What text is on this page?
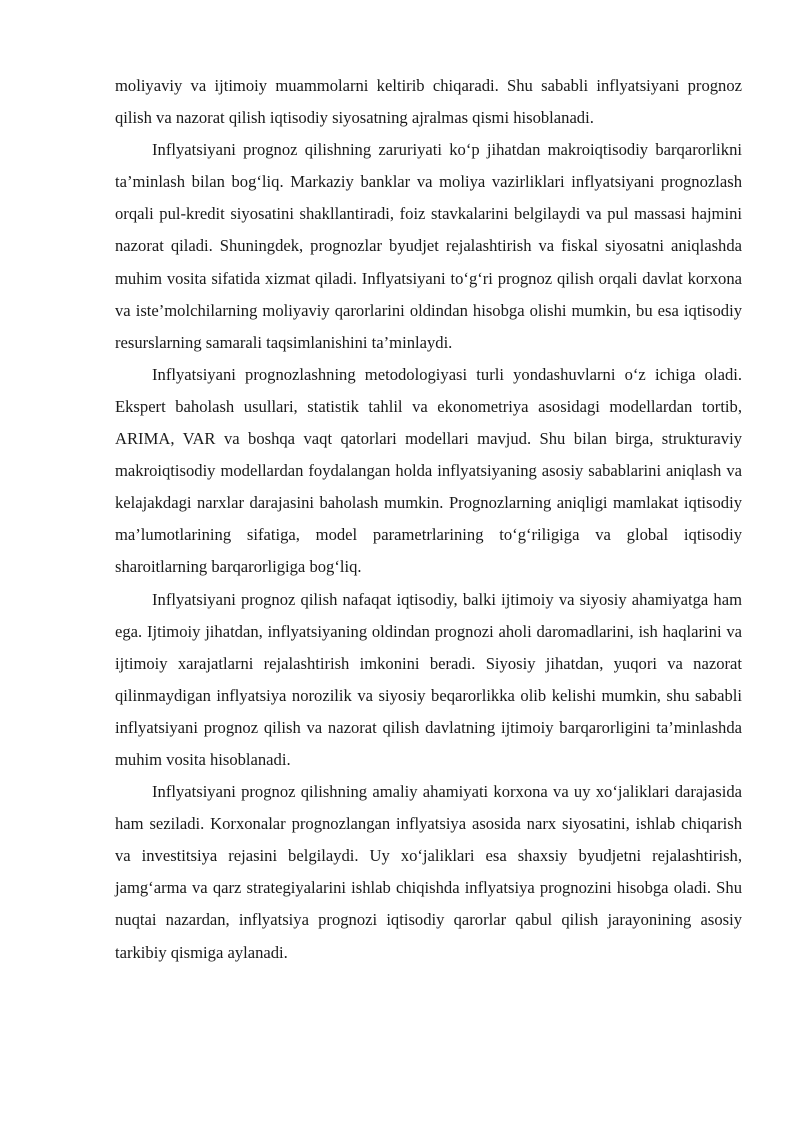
moliyaviy va ijtimoiy muammolarni keltirib chiqaradi. Shu sababli inflyatsiyani prognoz qilish va nazorat qilish iqtisodiy siyosatning ajralmas qismi hisoblanadi.

Inflyatsiyani prognoz qilishning zaruriyati ko‘p jihatdan makroiqtisodiy barqarorlikni ta’minlash bilan bog‘liq. Markaziy banklar va moliya vazirliklari inflyatsiyani prognozlash orqali pul-kredit siyosatini shakllantiradi, foiz stavkalarini belgilaydi va pul massasi hajmini nazorat qiladi. Shuningdek, prognozlar byudjet rejalashtirish va fiskal siyosatni aniqlashda muhim vosita sifatida xizmat qiladi. Inflyatsiyani to‘g‘ri prognoz qilish orqali davlat korxona va iste’molchilarning moliyaviy qarorlarini oldindan hisobga olishi mumkin, bu esa iqtisodiy resurslarning samarali taqsimlanishini ta’minlaydi.

Inflyatsiyani prognozlashning metodologiyasi turli yondashuvlarni o‘z ichiga oladi. Ekspert baholash usullari, statistik tahlil va ekonometriya asosidagi modellardan tortib, ARIMA, VAR va boshqa vaqt qatorlari modellari mavjud. Shu bilan birga, strukturaviy makroiqtisodiy modellardan foydalangan holda inflyatsiyaning asosiy sabablarini aniqlash va kelajakdagi narxlar darajasini baholash mumkin. Prognozlarning aniqligi mamlakat iqtisodiy ma’lumotlarining sifatiga, model parametrlarining to‘g‘riligiga va global iqtisodiy sharoitlarning barqarorligiga bog‘liq.

Inflyatsiyani prognoz qilish nafaqat iqtisodiy, balki ijtimoiy va siyosiy ahamiyatga ham ega. Ijtimoiy jihatdan, inflyatsiyaning oldindan prognozi aholi daromadlarini, ish haqlarini va ijtimoiy xarajatlarni rejalashtirish imkonini beradi. Siyosiy jihatdan, yuqori va nazorat qilinmaydigan inflyatsiya norozilik va siyosiy beqarorlikka olib kelishi mumkin, shu sababli inflyatsiyani prognoz qilish va nazorat qilish davlatning ijtimoiy barqarorligini ta’minlashda muhim vosita hisoblanadi.

Inflyatsiyani prognoz qilishning amaliy ahamiyati korxona va uy xo‘jaliklari darajasida ham seziladi. Korxonalar prognozlangan inflyatsiya asosida narx siyosatini, ishlab chiqarish va investitsiya rejasini belgilaydi. Uy xo‘jaliklari esa shaxsiy byudjetni rejalashtirish, jamg‘arma va qarz strategiyalarini ishlab chiqishda inflyatsiya prognozini hisobga oladi. Shu nuqtai nazardan, inflyatsiya prognozi iqtisodiy qarorlar qabul qilish jarayonining asosiy tarkibiy qismiga aylanadi.
